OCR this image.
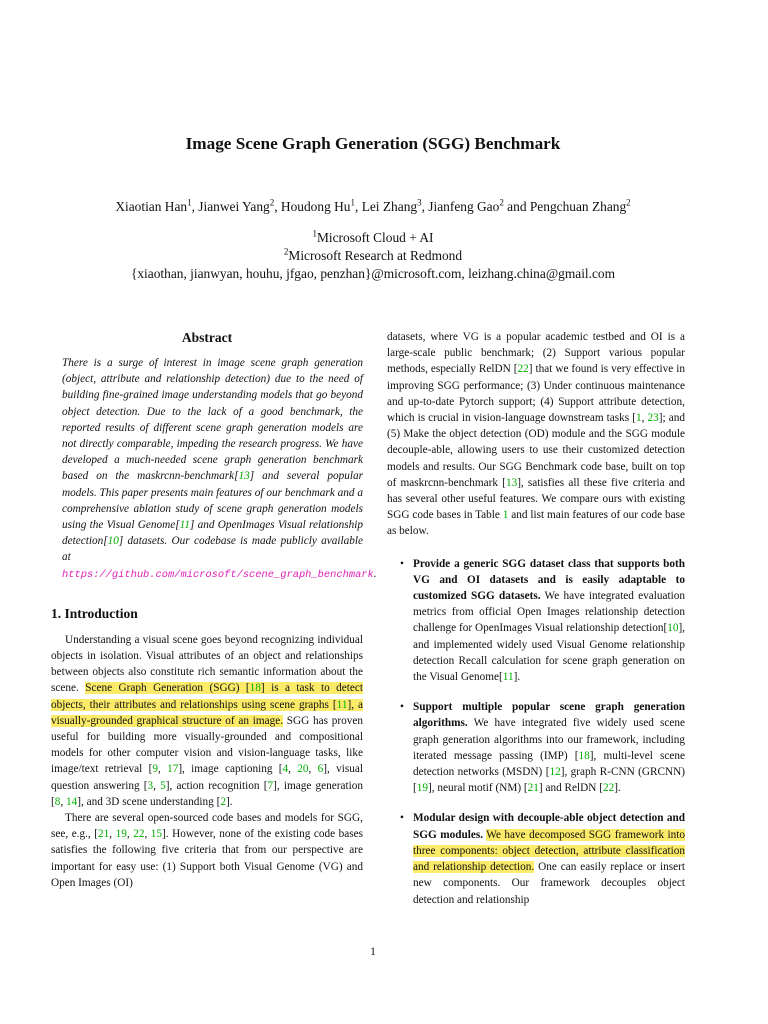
Image Scene Graph Generation (SGG) Benchmark
Xiaotian Han$^1$, Jianwei Yang$^2$, Houdong Hu$^1$, Lei Zhang$^3$, Jianfeng Gao$^2$ and Pengchuan Zhang$^2$
$^1$Microsoft Cloud + AI
$^2$Microsoft Research at Redmond
{xiaothan, jianwyan, houhu, jfgao, penzhan}@microsoft.com, leizhang.china@gmail.com
Abstract

There is a surge of interest in image scene graph generation (object, attribute and relationship detection) due to the need of building fine-grained image understanding models that go beyond object detection. Due to the lack of a good benchmark, the reported results of different scene graph generation models are not directly comparable, impeding the research progress. We have developed a much-needed scene graph generation benchmark based on the maskrcnn-benchmark[13] and several popular models. This paper presents main features of our benchmark and a comprehensive ablation study of scene graph generation models using the Visual Genome[11] and OpenImages Visual relationship detection[10] datasets. Our codebase is made publicly available at https://github.com/microsoft/scene_graph_benchmark.

1. Introduction

Understanding a visual scene goes beyond recognizing individual objects in isolation. Visual attributes of an object and relationships between objects also constitute rich semantic information about the scene. Scene Graph Generation (SGG) [18] is a task to detect objects, their attributes and relationships using scene graphs [11], a visually-grounded graphical structure of an image. SGG has proven useful for building more visually-grounded and compositional models for other computer vision and vision-language tasks, like image/text retrieval [9, 17], image captioning [4, 20, 6], visual question answering [3, 5], action recognition [7], image generation [8, 14], and 3D scene understanding [2].

There are several open-sourced code bases and models for SGG, see, e.g., [21, 19, 22, 15]. However, none of the existing code bases satisfies the following five criteria that from our perspective are important for easy use: (1) Support both Visual Genome (VG) and Open Images (OI)

datasets, where VG is a popular academic testbed and OI is a large-scale public benchmark; (2) Support various popular methods, especially RelDN [22] that we found is very effective in improving SGG performance; (3) Under continuous maintenance and up-to-date Pytorch support; (4) Support attribute detection, which is crucial in vision-language downstream tasks [1, 23]; and (5) Make the object detection (OD) module and the SGG module decouple-able, allowing users to use their customized detection models and results. Our SGG Benchmark code base, built on top of maskrcnn-benchmark [13], satisfies all these five criteria and has several other useful features. We compare ours with existing SGG code bases in Table 1 and list main features of our code base as below.

• Provide a generic SGG dataset class that supports both VG and OI datasets and is easily adaptable to customized SGG datasets. We have integrated evaluation metrics from official Open Images relationship detection challenge for OpenImages Visual relationship detection[10], and implemented widely used Visual Genome relationship detection Recall calculation for scene graph generation on the Visual Genome[11].
• Support multiple popular scene graph generation algorithms. We have integrated five widely used scene graph generation algorithms into our framework, including iterated message passing (IMP) [18], multi-level scene detection networks (MSDN) [12], graph R-CNN (GRCNN) [19], neural motif (NM) [21] and RelDN [22].
• Modular design with decouple-able object detection and SGG modules. We have decomposed SGG framework into three components: object detection, attribute classification and relationship detection. One can easily replace or insert new components. Our framework decouples object detection and relationship
1
